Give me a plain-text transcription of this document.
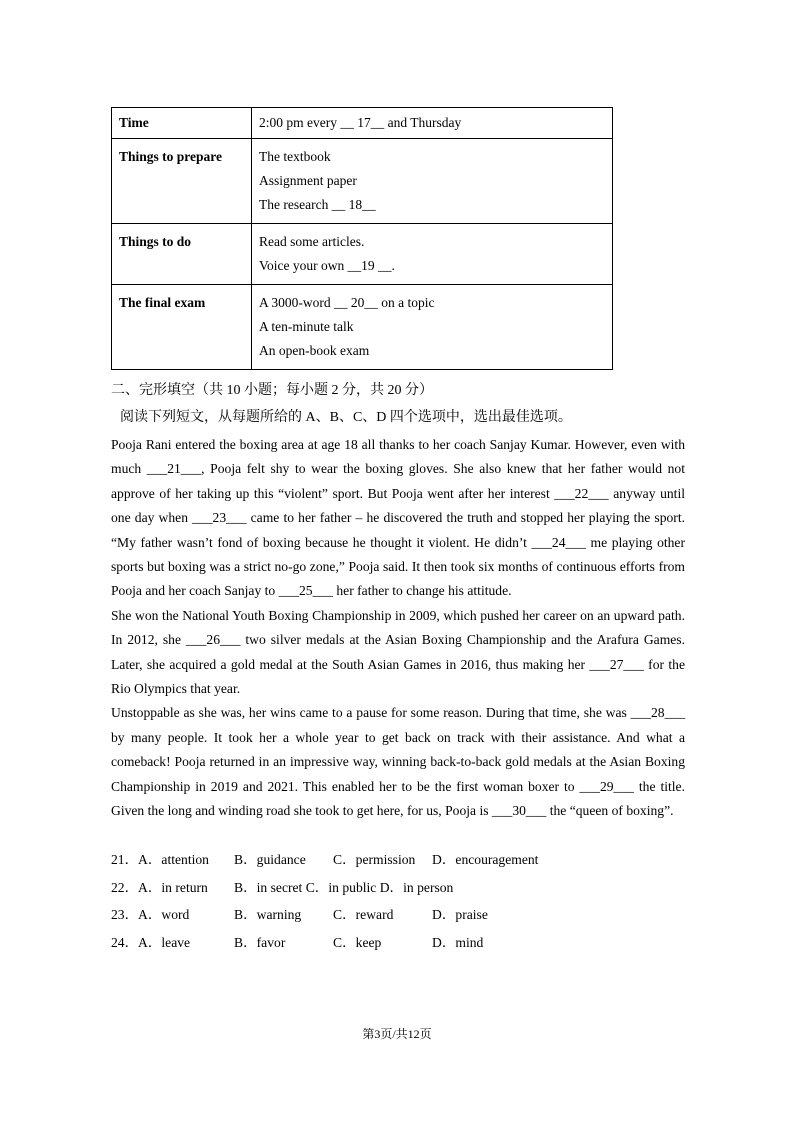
Time	2:00 pm every __ 17__ and Thursday

Things to prepare	The textbook
Assignment paper
The research __ 18__

Things to do	Read some articles.
Voice your own __19 __.

The final exam	A 3000-word __ 20__ on a topic
A ten-minute talk
An open-book exam
二、完形填空（共 10 小题；每小题 2 分，共 20 分）
阅读下列短文，从每题所给的 A、B、C、D 四个选项中，选出最佳选项。

Pooja Rani entered the boxing area at age 18 all thanks to her coach Sanjay Kumar. However, even with much ___21___, Pooja felt shy to wear the boxing gloves. She also knew that her father would not approve of her taking up this “violent” sport. But Pooja went after her interest ___22___ anyway until one day when ___23___ came to her father – he discovered the truth and stopped her playing the sport. “My father wasn’t fond of boxing because he thought it violent. He didn’t ___24___ me playing other sports but boxing was a strict no-go zone,” Pooja said. It then took six months of continuous efforts from Pooja and her coach Sanjay to ___25___ her father to change his attitude.

She won the National Youth Boxing Championship in 2009, which pushed her career on an upward path. In 2012, she ___26___ two silver medals at the Asian Boxing Championship and the Arafura Games. Later, she acquired a gold medal at the South Asian Games in 2016, thus making her ___27___ for the Rio Olympics that year.

Unstoppable as she was, her wins came to a pause for some reason. During that time, she was ___28___ by many people. It took her a whole year to get back on track with their assistance. And what a comeback! Pooja returned in an impressive way, winning back-to-back gold medals at the Asian Boxing Championship in 2019 and 2021. This enabled her to be the first woman boxer to ___29___ the title. Given the long and winding road she took to get here, for us, Pooja is ___30___ the “queen of boxing”.

21． A．attention B．guidance C．permission D．encouragement
22． A．in return B．in secret C．in public D．in person
23． A．word	B．warning C．reward	D．praise
24． A．leave	B．favor	C．keep	D．mind
第3页/共12页
